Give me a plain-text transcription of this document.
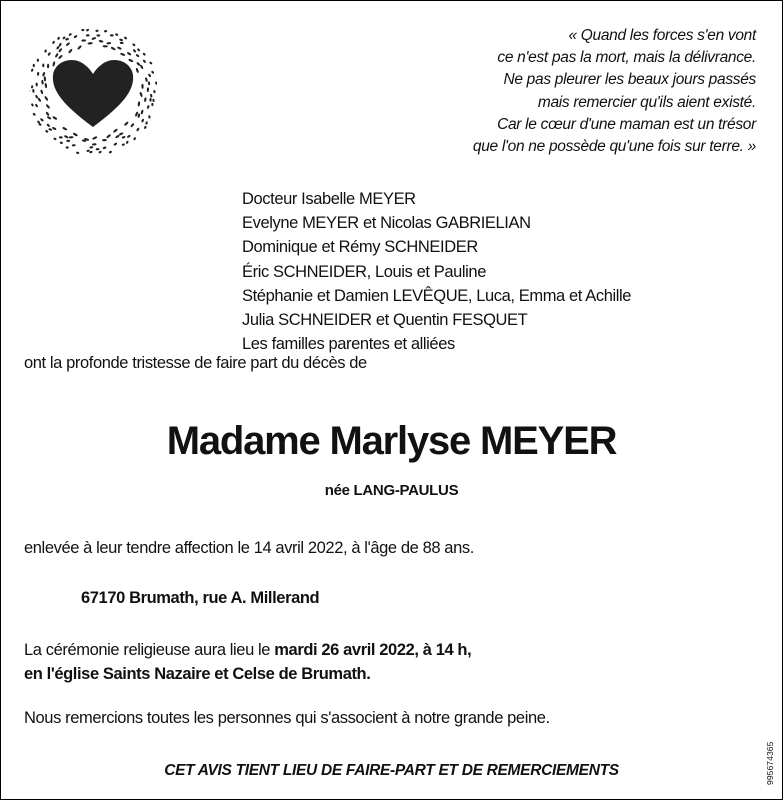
« Quand les forces s'en vont
ce n'est pas la mort, mais la délivrance.
Ne pas pleurer les beaux jours passés
mais remercier qu'ils aient existé.
Car le cœur d'une maman est un trésor
que l'on ne possède qu'une fois sur terre. »
Docteur Isabelle MEYER
Evelyne MEYER et Nicolas GABRIELIAN
Dominique et Rémy SCHNEIDER
Éric SCHNEIDER, Louis et Pauline
Stéphanie et Damien LEVÊQUE, Luca, Emma et Achille
Julia SCHNEIDER et Quentin FESQUET
Les familles parentes et alliées
ont la profonde tristesse de faire part du décès de
Madame Marlyse MEYER
née LANG-PAULUS
enlevée à leur tendre affection le 14 avril 2022, à l'âge de 88 ans.
67170 Brumath, rue A. Millerand
La cérémonie religieuse aura lieu le mardi 26 avril 2022, à 14 h,
en l'église Saints Nazaire et Celse de Brumath.
Nous remercions toutes les personnes qui s'associent à notre grande peine.
CET AVIS TIENT LIEU DE FAIRE-PART ET DE REMERCIEMENTS	995674365
